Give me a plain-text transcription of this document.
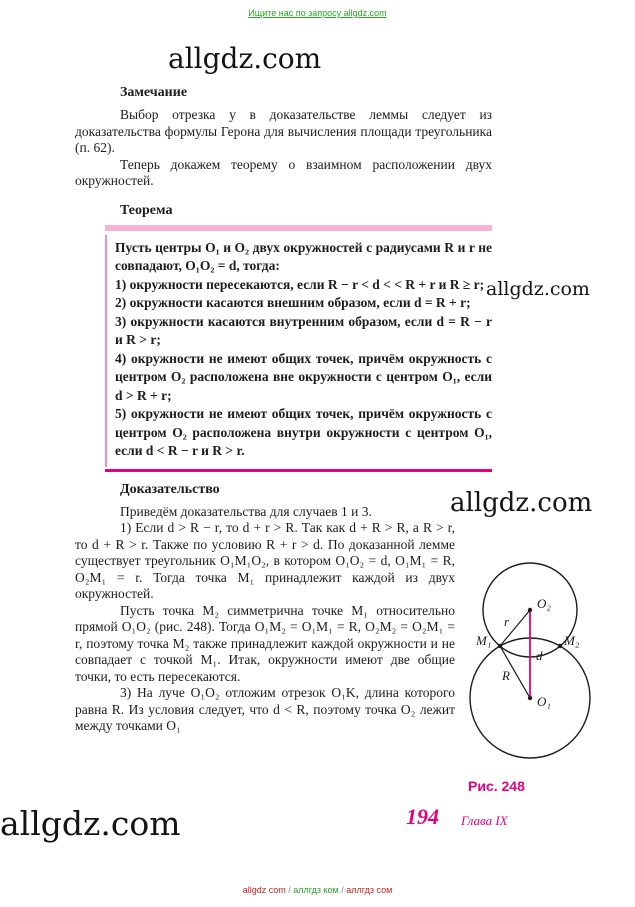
Ищите нас по запросу allgdz.com
allgdz.com
allgdz.com
allgdz.com
allgdz.com
Замечание

Выбор отрезка y в доказательстве леммы следует из доказательства формулы Герона для вычисления площади треугольника (п. 62).

Теперь докажем теорему о взаимном расположении двух окружностей.

Теорема

Пусть центры O₁ и O₂ двух окружностей с радиусами R и r не совпадают, O₁O₂ = d, тогда:

1) окружности пересекаются, если R − r < d < < R + r и R ≥ r;

2) окружности касаются внешним образом, если d = R + r;

3) окружности касаются внутренним образом, если d = R − r и R > r;

4) окружности не имеют общих точек, причём окружность с центром O₂ расположена вне окружности с центром O₁, если d > R + r;

5) окружности не имеют общих точек, причём окружность с центром O₂ расположена внутри окружности с центром O₁, если d < R − r и R > r.

Доказательство

Приведём доказательства для случаев 1 и 3.

1) Если d > R − r, то d + r > R. Так как d + R > R, а R > r, то d + R > r. Также по условию R + r > d. По доказанной лемме существует треугольник O₁M₁O₂, в котором O₁O₂ = d, O₁M₁ = R, O₂M₁ = r. Тогда точка M₁ принадлежит каждой из двух окружностей.

Пусть точка M₂ симметрична точке M₁ относительно прямой O₁O₂ (рис. 248). Тогда O₁M₂ = O₁M₁ = R, O₂M₂ = O₂M₁ = r, поэтому точка M₂ также принадлежит каждой окружности и не совпадает с точкой M₁. Итак, окружности имеют две общие точки, то есть пересекаются.

3) На луче O₁O₂ отложим отрезок O₁K, длина которого равна R. Из условия следует, что d < R, поэтому точка O₂ лежит между точками O₁

O₂
O₁
M₁	M₂
r
R
d
Рис. 248
194 Глава IX
allgdz com / аллгдз ком / аллгдз сом
